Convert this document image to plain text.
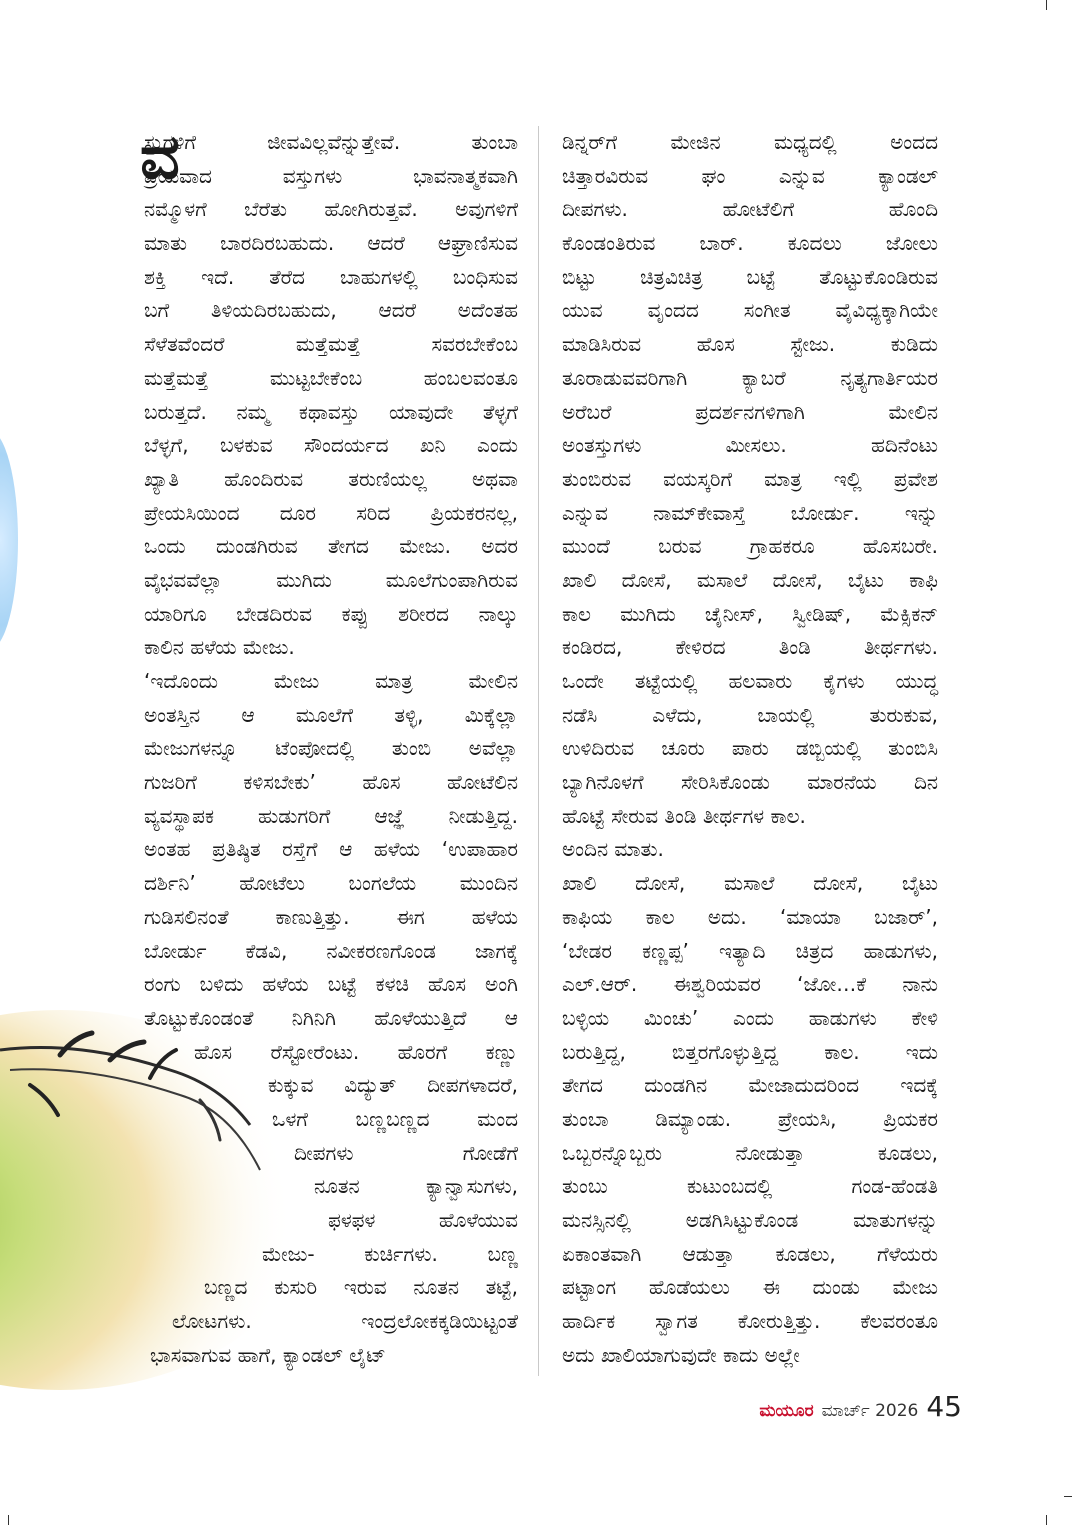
ವ
ಸ್ತುಗಳಿಗೆ ಜೀವವಿಲ್ಲವೆನ್ನುತ್ತೇವೆ. ತುಂಬಾ
ಪ್ರಿಯವಾದ ವಸ್ತುಗಳು ಭಾವನಾತ್ಮಕವಾಗಿ
ನಮ್ಮೊಳಗೆ ಬೆರೆತು ಹೋಗಿರುತ್ತವೆ. ಅವುಗಳಿಗೆ
ಮಾತು ಬಾರದಿರಬಹುದು. ಆದರೆ ಆಘ್ರಾಣಿಸುವ
ಶಕ್ತಿ ಇದೆ. ತೆರೆದ ಬಾಹುಗಳಲ್ಲಿ ಬಂಧಿಸುವ
ಬಗೆ ತಿಳಿಯದಿರಬಹುದು, ಆದರೆ ಅದೆಂತಹ
ಸೆಳೆತವೆಂದರೆ ಮತ್ತೆಮತ್ತೆ ಸವರಬೇಕೆಂಬ
ಮತ್ತೆಮತ್ತೆ ಮುಟ್ಟಬೇಕೆಂಬ ಹಂಬಲವಂತೂ
ಬರುತ್ತದೆ. ನಮ್ಮ ಕಥಾವಸ್ತು ಯಾವುದೇ ತೆಳ್ಳಗೆ
ಬೆಳ್ಳಗೆ, ಬಳಕುವ ಸೌಂದರ್ಯದ ಖನಿ ಎಂದು
ಖ್ಯಾತಿ ಹೊಂದಿರುವ ತರುಣಿಯಲ್ಲ ಅಥವಾ
ಪ್ರೇಯಸಿಯಿಂದ ದೂರ ಸರಿದ ಪ್ರಿಯಕರನಲ್ಲ,
ಒಂದು ದುಂಡಗಿರುವ ತೇಗದ ಮೇಜು. ಅದರ
ವೈಭವವೆಲ್ಲಾ ಮುಗಿದು ಮೂಲೆಗುಂಪಾಗಿರುವ
ಯಾರಿಗೂ ಬೇಡದಿರುವ ಕಪ್ಪು ಶರೀರದ ನಾಲ್ಕು
ಕಾಲಿನ ಹಳೆಯ ಮೇಜು.
‘ಇದೊಂದು ಮೇಜು ಮಾತ್ರ ಮೇಲಿನ
ಅಂತಸ್ತಿನ ಆ ಮೂಲೆಗೆ ತಳ್ಳಿ, ಮಿಕ್ಕೆಲ್ಲಾ
ಮೇಜುಗಳನ್ನೂ ಟೆಂಪೋದಲ್ಲಿ ತುಂಬಿ ಅವೆಲ್ಲಾ
ಗುಜರಿಗೆ ಕಳಿಸಬೇಕು’ ಹೊಸ ಹೋಟೆಲಿನ
ವ್ಯವಸ್ಥಾಪಕ ಹುಡುಗರಿಗೆ ಆಜ್ಞೆ ನೀಡುತ್ತಿದ್ದ.
ಅಂತಹ ಪ್ರತಿಷ್ಠಿತ ರಸ್ತೆಗೆ ಆ ಹಳೆಯ ‘ಉಪಾಹಾರ
ದರ್ಶಿನಿ’ ಹೋಟೆಲು ಬಂಗಲೆಯ ಮುಂದಿನ
ಗುಡಿಸಲಿನಂತೆ ಕಾಣುತ್ತಿತ್ತು. ಈಗ ಹಳೆಯ
ಬೋರ್ಡು ಕೆಡವಿ, ನವೀಕರಣಗೊಂಡ ಜಾಗಕ್ಕೆ
ರಂಗು ಬಳಿದು ಹಳೆಯ ಬಟ್ಟೆ ಕಳಚಿ ಹೊಸ ಅಂಗಿ
ತೊಟ್ಟುಕೊಂಡಂತೆ ನಿಗಿನಿಗಿ ಹೊಳೆಯುತ್ತಿದೆ ಆ
ಹೊಸ ರೆಸ್ಟೋರೆಂಟು. ಹೊರಗೆ ಕಣ್ಣು
ಕುಕ್ಕುವ ವಿದ್ಯುತ್ ದೀಪಗಳಾದರೆ,
ಒಳಗೆ ಬಣ್ಣಬಣ್ಣದ ಮಂದ
ದೀಪಗಳು ಗೋಡೆಗೆ
ನೂತನ ಕ್ಯಾನ್ವಾಸುಗಳು,
ಫಳಫಳ ಹೊಳೆಯುವ
ಮೇಜು- ಕುರ್ಚಿಗಳು. ಬಣ್ಣ
ಬಣ್ಣದ ಕುಸುರಿ ಇರುವ ನೂತನ ತಟ್ಟೆ,
ಲೋಟಗಳು. ಇಂದ್ರಲೋಕಕ್ಕಡಿಯಿಟ್ಟಂತೆ
ಭಾಸವಾಗುವ ಹಾಗೆ, ಕ್ಯಾಂಡಲ್ ಲೈಟ್
ಡಿನ್ನರ್‌ಗೆ ಮೇಜಿನ ಮಧ್ಯದಲ್ಲಿ ಅಂದದ
ಚಿತ್ತಾರವಿರುವ ಘಂ ಎನ್ನುವ ಕ್ಯಾಂಡಲ್
ದೀಪಗಳು. ಹೋಟೆಲಿಗೆ ಹೊಂದಿ
ಕೊಂಡಂತಿರುವ ಬಾರ್. ಕೂದಲು ಜೋಲು
ಬಿಟ್ಟು ಚಿತ್ರವಿಚಿತ್ರ ಬಟ್ಟೆ ತೊಟ್ಟುಕೊಂಡಿರುವ
ಯುವ ವೃಂದದ ಸಂಗೀತ ವೈವಿಧ್ಯಕ್ಕಾಗಿಯೇ
ಮಾಡಿಸಿರುವ ಹೊಸ ಸ್ಟೇಜು. ಕುಡಿದು
ತೂರಾಡುವವರಿಗಾಗಿ ಕ್ಯಾಬರೆ ನೃತ್ಯಗಾರ್ತಿಯರ
ಅರೆಬರೆ ಪ್ರದರ್ಶನಗಳಿಗಾಗಿ ಮೇಲಿನ
ಅಂತಸ್ತುಗಳು ಮೀಸಲು. ಹದಿನೆಂಟು
ತುಂಬಿರುವ ವಯಸ್ಕರಿಗೆ ಮಾತ್ರ ಇಲ್ಲಿ ಪ್ರವೇಶ
ಎನ್ನುವ ನಾಮ್‌ಕೇವಾಸ್ತೆ ಬೋರ್ಡು. ಇನ್ನು
ಮುಂದೆ ಬರುವ ಗ್ರಾಹಕರೂ ಹೊಸಬರೇ.
ಖಾಲಿ ದೋಸೆ, ಮಸಾಲೆ ದೋಸೆ, ಬೈಟು ಕಾಫಿ
ಕಾಲ ಮುಗಿದು ಚೈನೀಸ್, ಸ್ವೀಡಿಷ್, ಮೆಕ್ಸಿಕನ್
ಕಂಡಿರದ, ಕೇಳಿರದ ತಿಂಡಿ ತೀರ್ಥಗಳು.
ಒಂದೇ ತಟ್ಟೆಯಲ್ಲಿ ಹಲವಾರು ಕೈಗಳು ಯುದ್ಧ
ನಡೆಸಿ ಎಳೆದು, ಬಾಯಲ್ಲಿ ತುರುಕುವ,
ಉಳಿದಿರುವ ಚೂರು ಪಾರು ಡಬ್ಬಿಯಲ್ಲಿ ತುಂಬಿಸಿ
ಬ್ಯಾಗಿನೊಳಗೆ ಸೇರಿಸಿಕೊಂಡು ಮಾರನೆಯ ದಿನ
ಹೊಟ್ಟೆ ಸೇರುವ ತಿಂಡಿ ತೀರ್ಥಗಳ ಕಾಲ.
ಅಂದಿನ ಮಾತು.
ಖಾಲಿ ದೋಸೆ, ಮಸಾಲೆ ದೋಸೆ, ಬೈಟು
ಕಾಫಿಯ ಕಾಲ ಅದು. ‘ಮಾಯಾ ಬಜಾರ್’,
‘ಬೇಡರ ಕಣ್ಣಪ್ಪ’ ಇತ್ಯಾದಿ ಚಿತ್ರದ ಹಾಡುಗಳು,
ಎಲ್.ಆರ್. ಈಶ್ವರಿಯವರ ‘ಜೋ…ಕೆ ನಾನು
ಬಳ್ಳಿಯ ಮಿಂಚು’ ಎಂದು ಹಾಡುಗಳು ಕೇಳಿ
ಬರುತ್ತಿದ್ದ, ಬಿತ್ತರಗೊಳ್ಳುತ್ತಿದ್ದ ಕಾಲ. ಇದು
ತೇಗದ ದುಂಡಗಿನ ಮೇಜಾದುದರಿಂದ ಇದಕ್ಕೆ
ತುಂಬಾ ಡಿಮ್ಯಾಂಡು. ಪ್ರೇಯಸಿ, ಪ್ರಿಯಕರ
ಒಬ್ಬರನ್ನೊಬ್ಬರು ನೋಡುತ್ತಾ ಕೂಡಲು,
ತುಂಬು ಕುಟುಂಬದಲ್ಲಿ ಗಂಡ-ಹೆಂಡತಿ
ಮನಸ್ಸಿನಲ್ಲಿ ಅಡಗಿಸಿಟ್ಟುಕೊಂಡ ಮಾತುಗಳನ್ನು
ಏಕಾಂತವಾಗಿ ಆಡುತ್ತಾ ಕೂಡಲು, ಗೆಳೆಯರು
ಪಟ್ಟಾಂಗ ಹೊಡೆಯಲು ಈ ದುಂಡು ಮೇಜು
ಹಾರ್ದಿಕ ಸ್ವಾಗತ ಕೋರುತ್ತಿತ್ತು. ಕೆಲವರಂತೂ
ಅದು ಖಾಲಿಯಾಗುವುದೇ ಕಾದು ಅಲ್ಲೇ
ಮಯೂರ ಮಾರ್ಚ್ 2026 45
